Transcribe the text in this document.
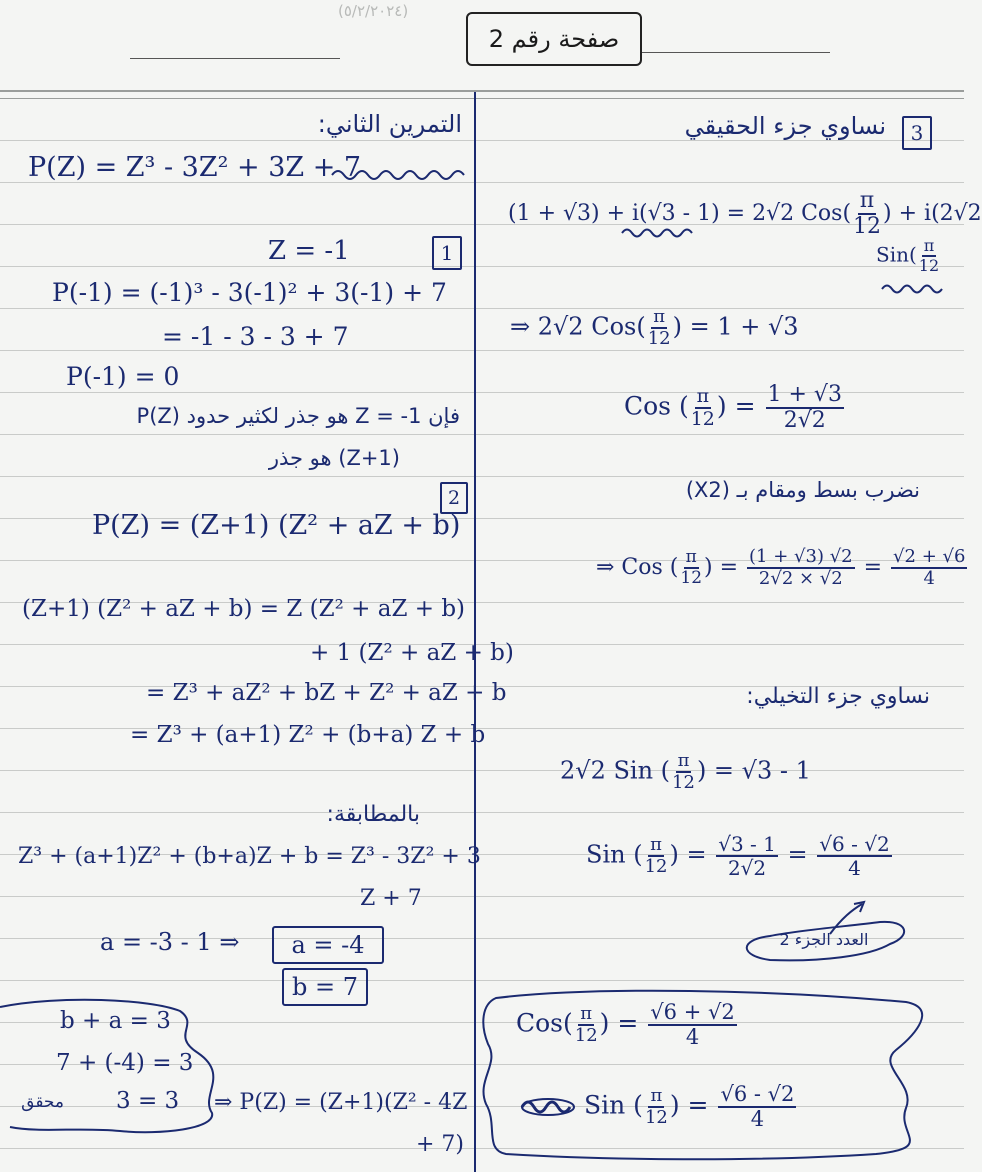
(٥/٢/٢٠٢٤)
صفحة رقم 2
التمرين الثاني:
P(Z) = Z³ - 3Z² + 3Z + 7
1
Z = -1
P(-1) = (-1)³ - 3(-1)² + 3(-1) + 7
= -1 - 3 - 3 + 7
P(-1) = 0
فإن Z = -1 هو جذر لكثير حدود P(Z)
(Z+1) هو جذر
2
P(Z) = (Z+1) (Z² + aZ + b)
(Z+1) (Z² + aZ + b) = Z (Z² + aZ + b)
+ 1 (Z² + aZ + b)
= Z³ + aZ² + bZ + Z² + aZ + b
= Z³ + (a+1) Z² + (b+a) Z + b
بالمطابقة:
Z³ + (a+1)Z² + (b+a)Z + b = Z³ - 3Z² + 3
Z + 7
a = -3 - 1 ⇒	a = -4
b = 7
b + a = 3
7 + (-4) = 3
محقق 3 = 3 ⇒ P(Z) = (Z+1)(Z² - 4Z
+ 7)
3
نساوي جزء الحقيقي
(1 + √3) + i(√3 - 1) = 2√2 $Cos( \frac{\pi}{12}$ ) + i(2√2
$Sin( \frac{\pi}{12}$
⇒ 2√2 $Cos( \frac{\pi}{12}$ ) = 1 + √3
Cos ( $\frac{\pi}{12}$ ) = $\frac{1 + √3}{2√2}$
نضرب بسط ومقام بـ (X2)
⇒ Cos ( $\frac{\pi}{12}$ ) = $\frac{(1 + √3) √2}{2√2 \times √2} = \frac{√2 + √6}{4}$
نساوي جزء التخيلي:
2√2 Sin ( $\frac{\pi}{12}$ ) = √3 - 1
Sin ( $\frac{\pi}{12}$ ) = $\frac{√3 - 1}{2√2} = \frac{√6 - √2}{4}$
العدد الجزء 2
$Cos( \frac{\pi}{12}$ ) = $\frac{√6 + √2}{4}$
Sin ( $\frac{\pi}{12}$ ) = $\frac{√6 - √2}{4}$
